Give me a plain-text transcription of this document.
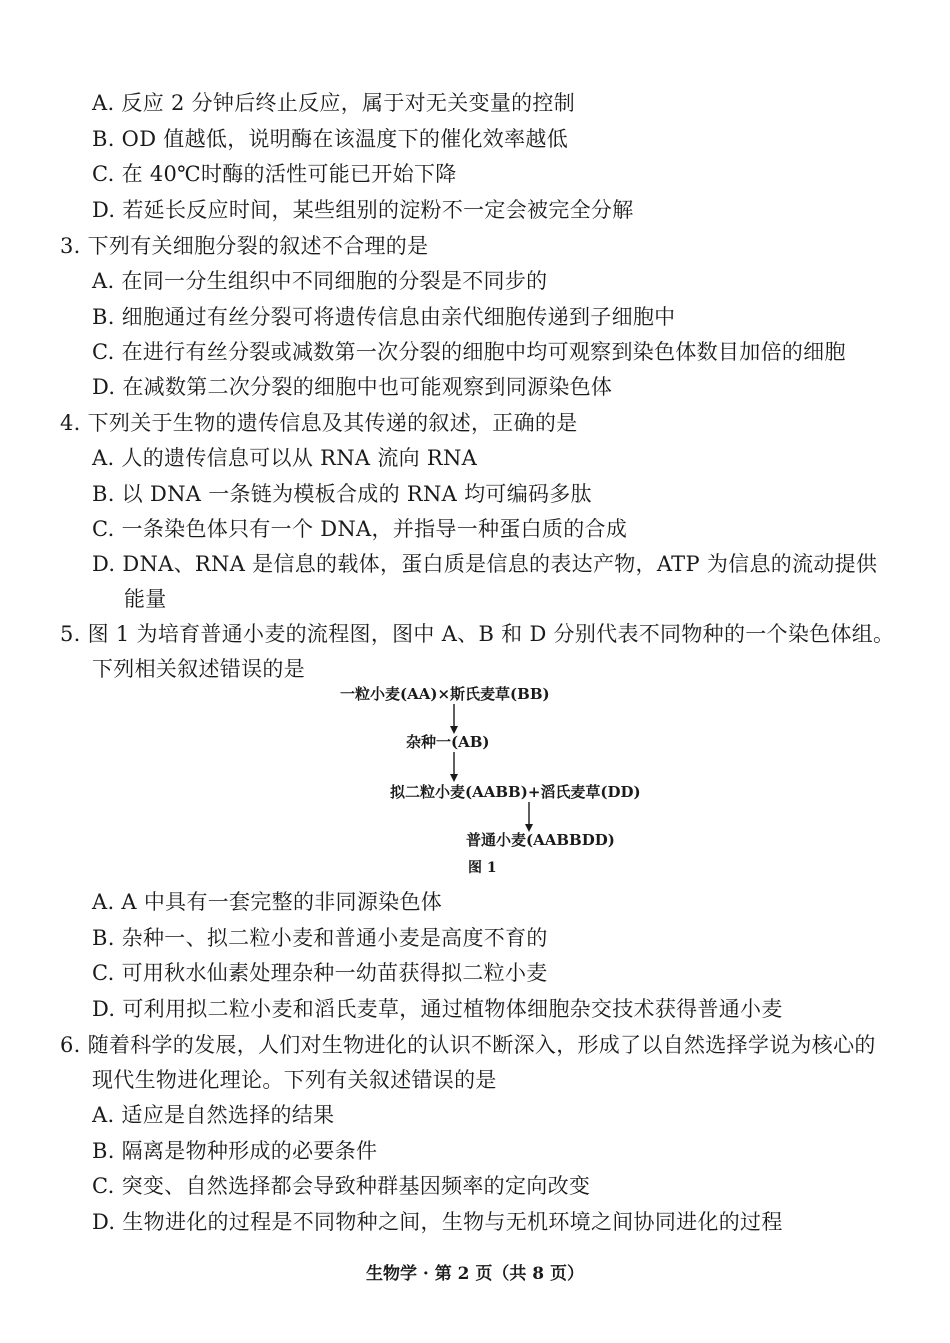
A. 反应 2 分钟后终止反应，属于对无关变量的控制
B. OD 值越低，说明酶在该温度下的催化效率越低
C. 在 40℃时酶的活性可能已开始下降
D. 若延长反应时间，某些组别的淀粉不一定会被完全分解
3. 下列有关细胞分裂的叙述不合理的是
A. 在同一分生组织中不同细胞的分裂是不同步的
B. 细胞通过有丝分裂可将遗传信息由亲代细胞传递到子细胞中
C. 在进行有丝分裂或减数第一次分裂的细胞中均可观察到染色体数目加倍的细胞
D. 在减数第二次分裂的细胞中也可能观察到同源染色体
4. 下列关于生物的遗传信息及其传递的叙述，正确的是
A. 人的遗传信息可以从 RNA 流向 RNA
B. 以 DNA 一条链为模板合成的 RNA 均可编码多肽
C. 一条染色体只有一个 DNA，并指导一种蛋白质的合成
D. DNA、RNA 是信息的载体，蛋白质是信息的表达产物，ATP 为信息的流动提供
能量
5. 图 1 为培育普通小麦的流程图，图中 A、B 和 D 分别代表不同物种的一个染色体组。
下列相关叙述错误的是
一粒小麦(AA)×斯氏麦草(BB)
杂种一(AB)
拟二粒小麦(AABB)+滔氏麦草(DD)
普通小麦(AABBDD)
图 1
A. A 中具有一套完整的非同源染色体
B. 杂种一、拟二粒小麦和普通小麦是高度不育的
C. 可用秋水仙素处理杂种一幼苗获得拟二粒小麦
D. 可利用拟二粒小麦和滔氏麦草，通过植物体细胞杂交技术获得普通小麦
6. 随着科学的发展，人们对生物进化的认识不断深入，形成了以自然选择学说为核心的
现代生物进化理论。下列有关叙述错误的是
A. 适应是自然选择的结果
B. 隔离是物种形成的必要条件
C. 突变、自然选择都会导致种群基因频率的定向改变
D. 生物进化的过程是不同物种之间，生物与无机环境之间协同进化的过程
生物学 · 第 2 页（共 8 页）
